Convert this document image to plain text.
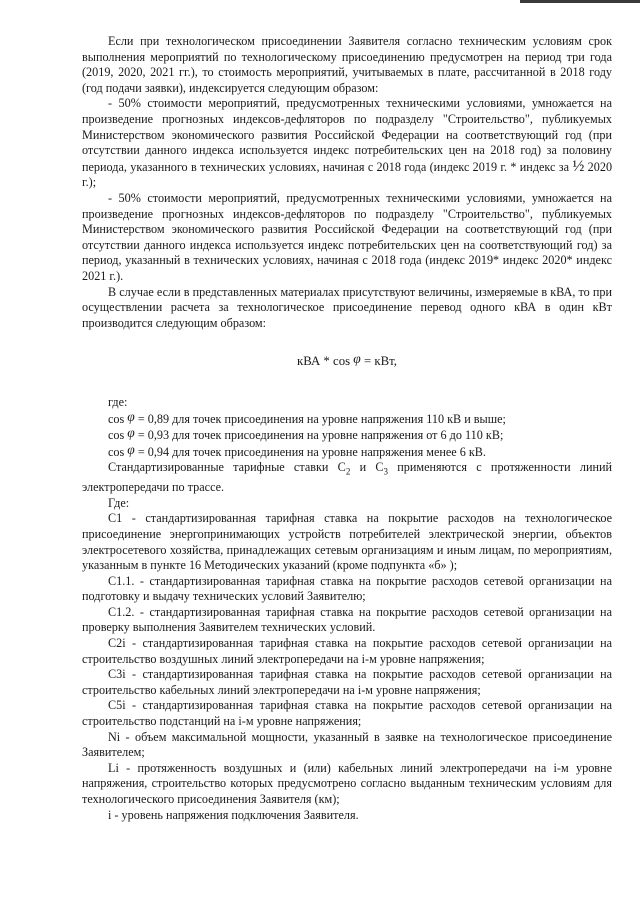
Если при технологическом присоединении Заявителя согласно техническим условиям срок выполнения мероприятий по технологическому присоединению предусмотрен на период три года (2019, 2020, 2021 гг.), то стоимость мероприятий, учитываемых в плате, рассчитанной в 2018 году (год подачи заявки), индексируется следующим образом:

- 50% стоимости мероприятий, предусмотренных техническими условиями, умножается на произведение прогнозных индексов-дефляторов по подразделу "Строительство", публикуемых Министерством экономического развития Российской Федерации на соответствующий год (при отсутствии данного индекса используется индекс потребительских цен на 2018 год) за половину периода, указанного в технических условиях, начиная с 2018 года (индекс 2019 г. * индекс за ½ 2020 г.);

- 50% стоимости мероприятий, предусмотренных техническими условиями, умножается на произведение прогнозных индексов-дефляторов по подразделу "Строительство", публикуемых Министерством экономического развития Российской Федерации на соответствующий год (при отсутствии данного индекса используется индекс потребительских цен на соответствующий год) за период, указанный в технических условиях, начиная с 2018 года (индекс 2019* индекс 2020* индекс 2021 г.).

В случае если в представленных материалах присутствуют величины, измеряемые в кВА, то при осуществлении расчета за технологическое присоединение перевод одного кВА в один кВт производится следующим образом:

кВА * cos φ = кВт,

где:

cos φ = 0,89 для точек присоединения на уровне напряжения 110 кВ и выше;

cos φ = 0,93 для точек присоединения на уровне напряжения от 6 до 110 кВ;

cos φ = 0,94 для точек присоединения на уровне напряжения менее 6 кВ.

Стандартизированные тарифные ставки $С_2$ и $С_3$ применяются с протяженности линий электропередачи по трассе.

Где:

С1 - стандартизированная тарифная ставка на покрытие расходов на технологическое присоединение энергопринимающих устройств потребителей электрической энергии, объектов электросетевого хозяйства, принадлежащих сетевым организациям и иным лицам, по мероприятиям, указанным в пункте 16 Методических указаний (кроме подпункта «б» );

С1.1. - стандартизированная тарифная ставка на покрытие расходов сетевой организации на подготовку и выдачу технических условий Заявителю;

С1.2. - стандартизированная тарифная ставка на покрытие расходов сетевой организации на проверку выполнения Заявителем технических условий.

С2i - стандартизированная тарифная ставка на покрытие расходов сетевой организации на строительство воздушных линий электропередачи на i-м уровне напряжения;

С3i - стандартизированная тарифная ставка на покрытие расходов сетевой организации на строительство кабельных линий электропередачи на i-м уровне напряжения;

С5i - стандартизированная тарифная ставка на покрытие расходов сетевой организации на строительство подстанций на i-м уровне напряжения;

Ni - объем максимальной мощности, указанный в заявке на технологическое присоединение Заявителем;

Li - протяженность воздушных и (или) кабельных линий электропередачи на i-м уровне напряжения, строительство которых предусмотрено согласно выданным техническим условиям для технологического присоединения Заявителя (км);

i - уровень напряжения подключения Заявителя.
